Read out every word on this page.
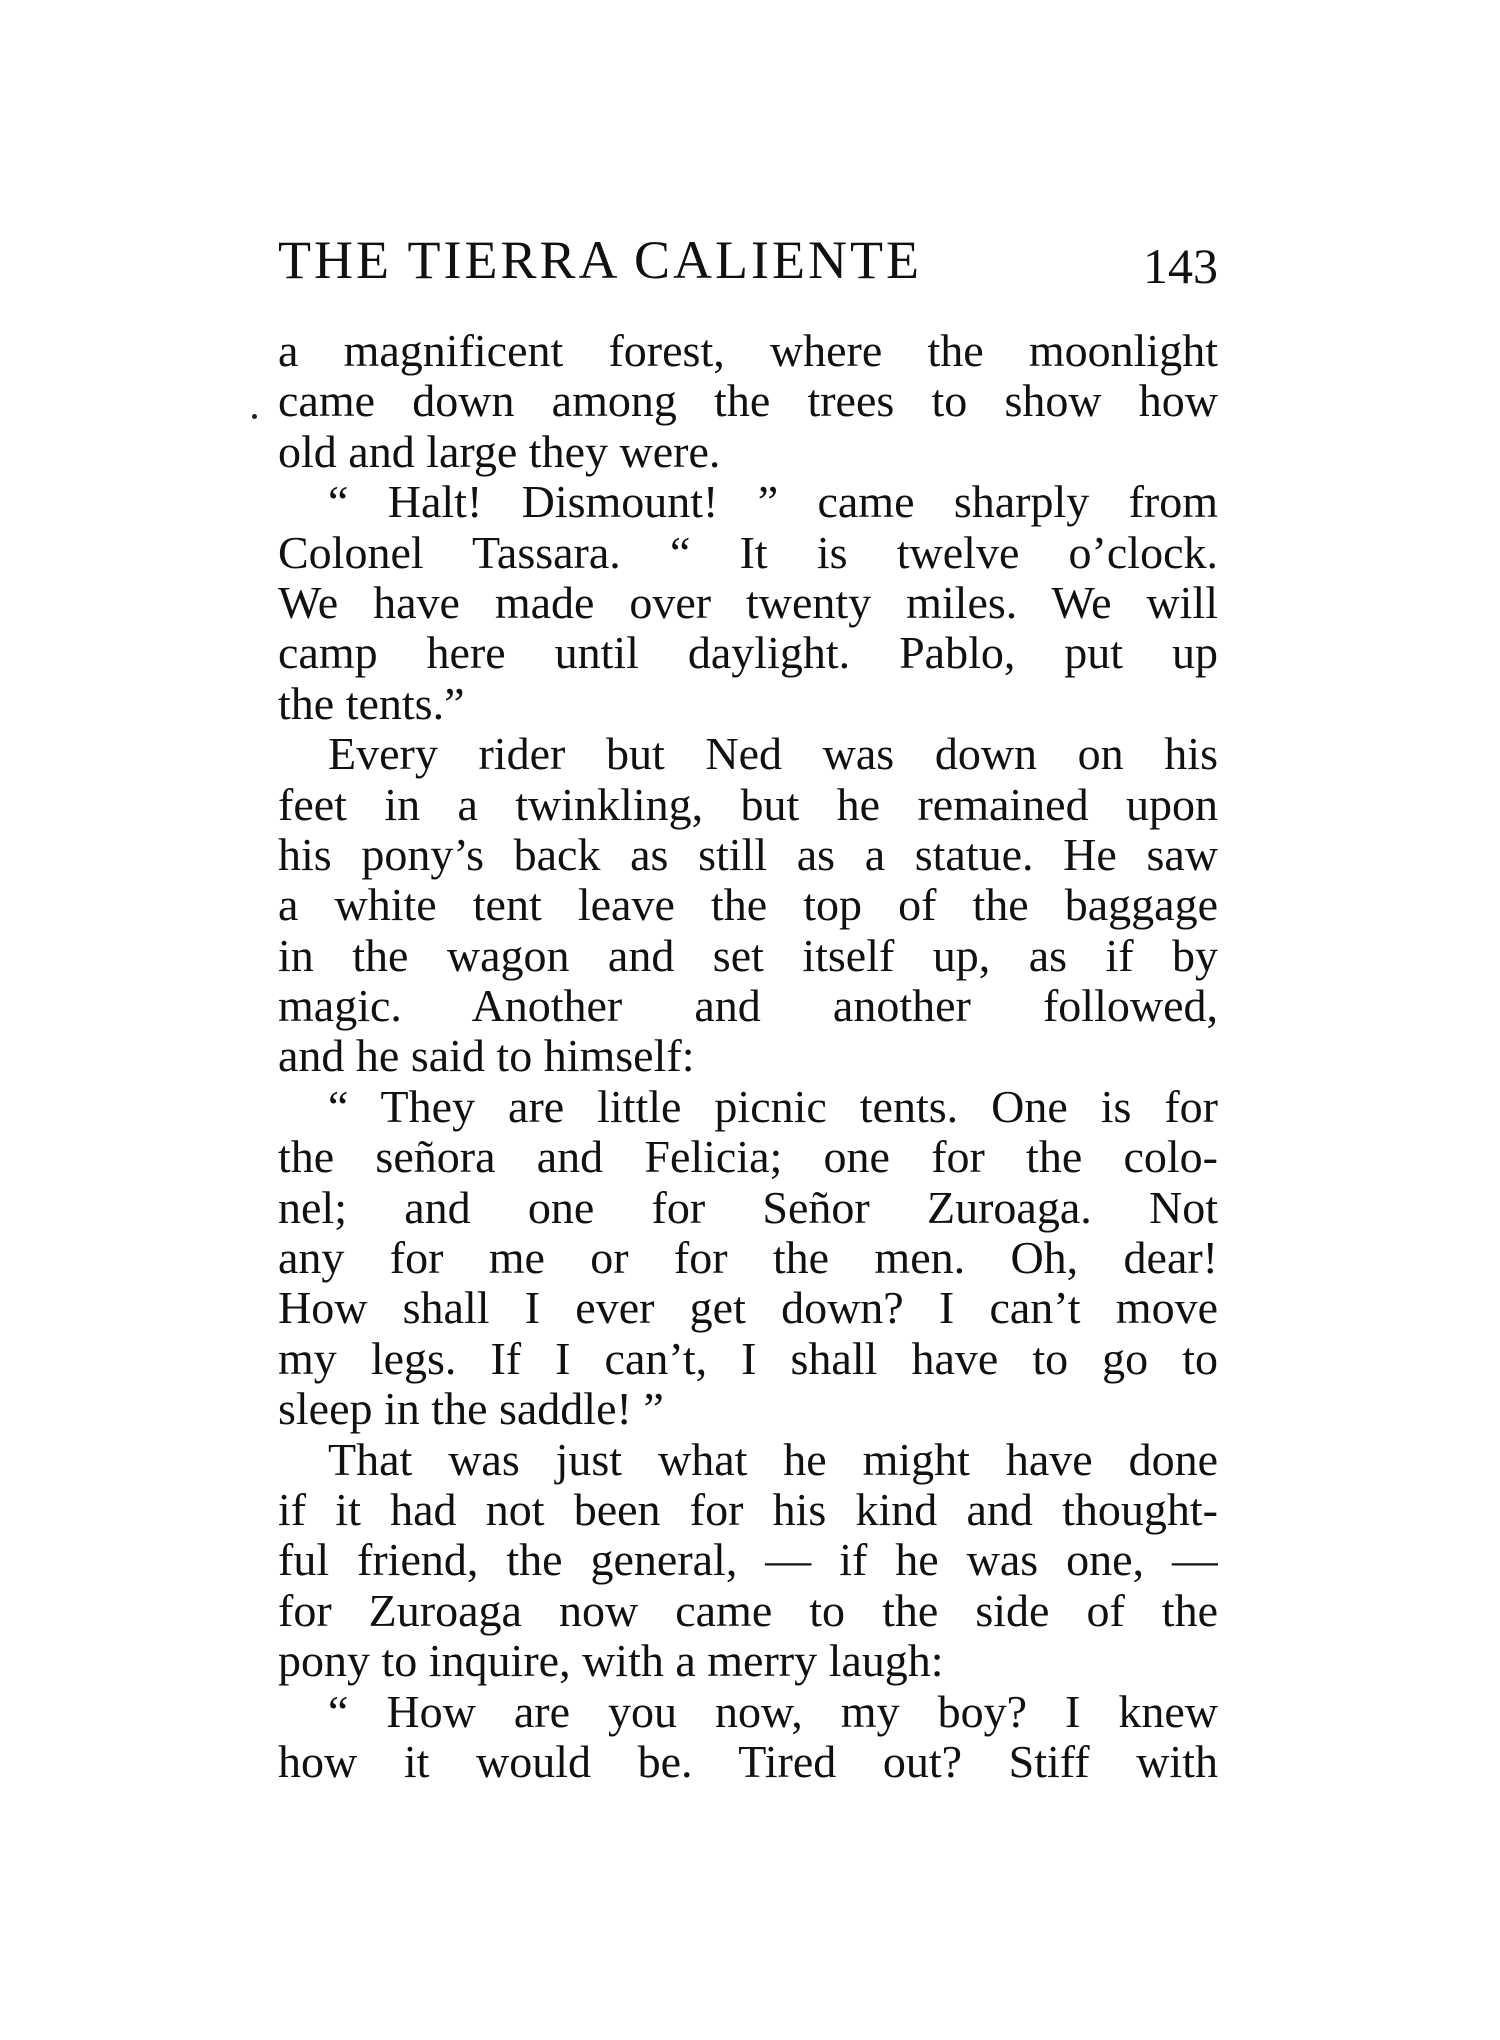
THE TIERRA CALIENTE	143
a magnificent forest, where the moonlight
came down among the trees to show how
old and large they were.
“ Halt! Dismount! ” came sharply from
Colonel Tassara. “ It is twelve o’clock.
We have made over twenty miles. We will
camp here until daylight. Pablo, put up
the tents.”
Every rider but Ned was down on his
feet in a twinkling, but he remained upon
his pony’s back as still as a statue. He saw
a white tent leave the top of the baggage
in the wagon and set itself up, as if by
magic. Another and another followed,
and he said to himself:
“ They are little picnic tents. One is for
the señora and Felicia; one for the colo-
nel; and one for Señor Zuroaga. Not
any for me or for the men. Oh, dear!
How shall I ever get down? I can’t move
my legs. If I can’t, I shall have to go to
sleep in the saddle! ”
That was just what he might have done
if it had not been for his kind and thought-
ful friend, the general, — if he was one, —
for Zuroaga now came to the side of the
pony to inquire, with a merry laugh:
“ How are you now, my boy? I knew
how it would be. Tired out? Stiff with
